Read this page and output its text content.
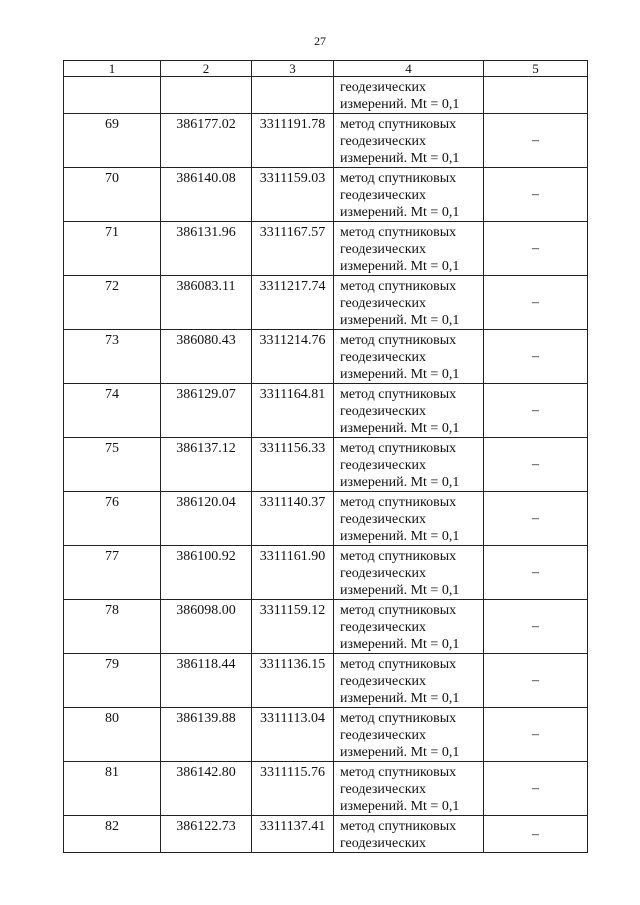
27
1	2	3	4	5

			геодезических
измерений. Mt = 0,1	

69	386177.02	3311191.78	метод спутниковых
геодезических
измерений. Mt = 0,1	–
70	386140.08	3311159.03	метод спутниковых
геодезических
измерений. Mt = 0,1	–
71	386131.96	3311167.57	метод спутниковых
геодезических
измерений. Mt = 0,1	–
72	386083.11	3311217.74	метод спутниковых
геодезических
измерений. Mt = 0,1	–
73	386080.43	3311214.76	метод спутниковых
геодезических
измерений. Mt = 0,1	–
74	386129.07	3311164.81	метод спутниковых
геодезических
измерений. Mt = 0,1	–
75	386137.12	3311156.33	метод спутниковых
геодезических
измерений. Mt = 0,1	–
76	386120.04	3311140.37	метод спутниковых
геодезических
измерений. Mt = 0,1	–
77	386100.92	3311161.90	метод спутниковых
геодезических
измерений. Mt = 0,1	–
78	386098.00	3311159.12	метод спутниковых
геодезических
измерений. Mt = 0,1	–
79	386118.44	3311136.15	метод спутниковых
геодезических
измерений. Mt = 0,1	–
80	386139.88	3311113.04	метод спутниковых
геодезических
измерений. Mt = 0,1	–
81	386142.80	3311115.76	метод спутниковых
геодезических
измерений. Mt = 0,1	–
82	386122.73	3311137.41	метод спутниковых
геодезических	–
